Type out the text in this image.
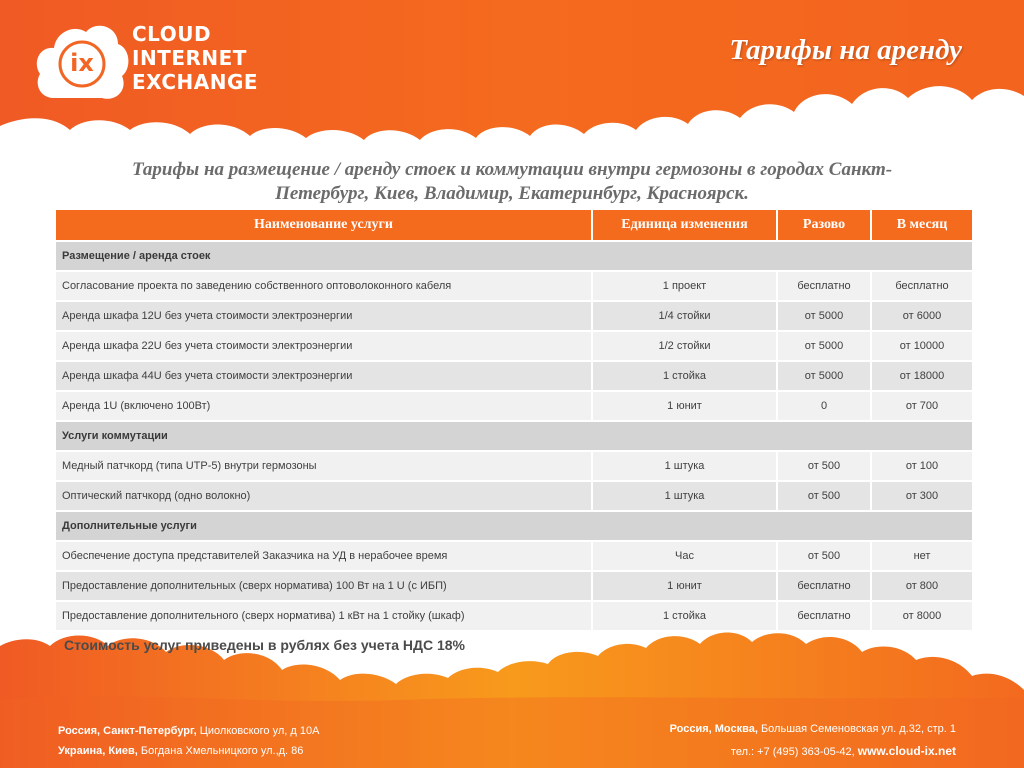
ix
CLOUD
INTERNET
EXCHANGE
Тарифы на аренду
Тарифы на размещение / аренду стоек и коммутации внутри гермозоны в городах Санкт-Петербург, Киев, Владимир, Екатеринбург, Красноярск.
Наименование услуги	Единица изменения	Разово	В месяц
Размещение / аренда стоек			
Согласование проекта по заведению собственного оптоволоконного кабеля	1 проект	бесплатно	бесплатно
Аренда шкафа 12U без учета стоимости электроэнергии	1/4 стойки	от 5000	от 6000
Аренда шкафа 22U без учета стоимости электроэнергии	1/2 стойки	от 5000	от 10000
Аренда шкафа 44U без учета стоимости электроэнергии	1 стойка	от 5000	от 18000
Аренда 1U (включено 100Вт)	1 юнит	0	от 700
Услуги коммутации			
Медный патчкорд (типа UTP-5) внутри гермозоны	1 штука	от 500	от 100
Оптический патчкорд (одно волокно)	1 штука	от 500	от 300
Дополнительные услуги			
Обеспечение доступа представителей Заказчика на УД в нерабочее время	Час	от 500	нет
Предоставление дополнительных (сверх норматива) 100 Вт на 1 U (с ИБП)	1 юнит	бесплатно	от 800
Предоставление дополнительного (сверх норматива) 1 кВт на 1 стойку (шкаф)	1 стойка	бесплатно	от 8000
Стоимость услуг приведены в рублях без учета НДС 18%
Россия, Санкт-Петербург, Циолковского ул, д 10А
Украина, Киев, Богдана Хмельницкого ул.,д. 86
Россия, Москва, Большая Семеновская ул. д.32, стр. 1
тел.: +7 (495) 363-05-42, www.cloud-ix.net
